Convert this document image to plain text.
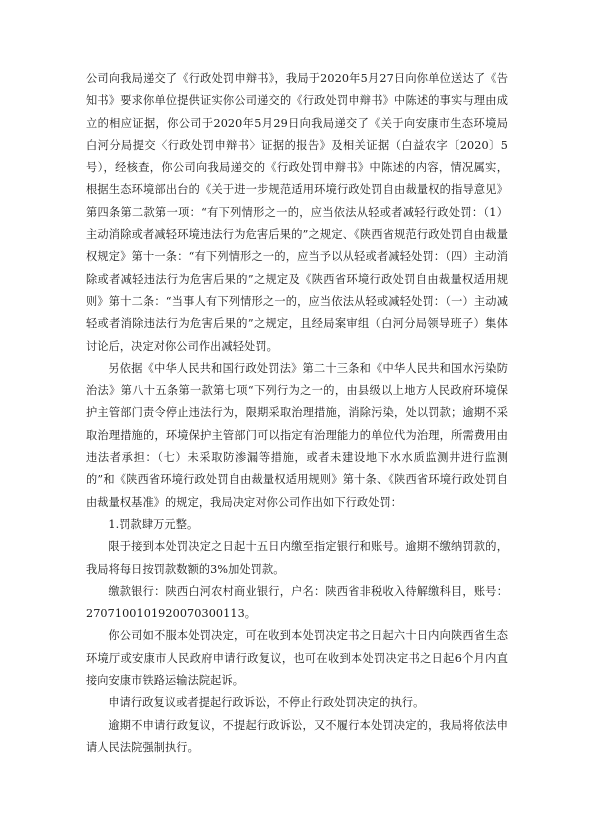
公司向我局递交了《行政处罚申辩书》，我局于2020年5月27日向你单位送达了《告知书》要求你单位提供证实你公司递交的《行政处罚申辩书》中陈述的事实与理由成立的相应证据，你公司于2020年5月29日向我局递交了《关于向安康市生态环境局白河分局提交〈行政处罚申辩书〉证据的报告》及相关证据（白益农字〔2020〕5号），经核查，你公司向我局递交的《行政处罚申辩书》中陈述的内容，情况属实，根据生态环境部出台的《关于进一步规范适用环境行政处罚自由裁量权的指导意见》第四条第二款第一项：“有下列情形之一的，应当依法从轻或者减轻行政处罚：（1）主动消除或者减轻环境违法行为危害后果的”之规定、《陕西省规范行政处罚自由裁量权规定》第十一条：“有下列情形之一的，应当予以从轻或者减轻处罚：（四）主动消除或者减轻违法行为危害后果的”之规定及《陕西省环境行政处罚自由裁量权适用规则》第十二条：“当事人有下列情形之一的，应当依法从轻或减轻处罚：（一）主动减轻或者消除违法行为危害后果的”之规定，且经局案审组（白河分局领导班子）集体讨论后，决定对你公司作出减轻处罚。

另依据《中华人民共和国行政处罚法》第二十三条和《中华人民共和国水污染防治法》第八十五条第一款第七项“下列行为之一的，由县级以上地方人民政府环境保护主管部门责令停止违法行为，限期采取治理措施，消除污染，处以罚款；逾期不采取治理措施的，环境保护主管部门可以指定有治理能力的单位代为治理，所需费用由违法者承担：（七）未采取防渗漏等措施，或者未建设地下水水质监测井进行监测的”和《陕西省环境行政处罚自由裁量权适用规则》第十条、《陕西省环境行政处罚自由裁量权基准》的规定，我局决定对你公司作出如下行政处罚：

1.罚款肆万元整。

限于接到本处罚决定之日起十五日内缴至指定银行和账号。逾期不缴纳罚款的，我局将每日按罚款数额的3%加处罚款。

缴款银行：陕西白河农村商业银行，户名：陕西省非税收入待解缴科目，账号：2707100101920070300113。

你公司如不服本处罚决定，可在收到本处罚决定书之日起六十日内向陕西省生态环境厅或安康市人民政府申请行政复议，也可在收到本处罚决定书之日起6个月内直接向安康市铁路运输法院起诉。

申请行政复议或者提起行政诉讼，不停止行政处罚决定的执行。

逾期不申请行政复议，不提起行政诉讼，又不履行本处罚决定的，我局将依法申请人民法院强制执行。
